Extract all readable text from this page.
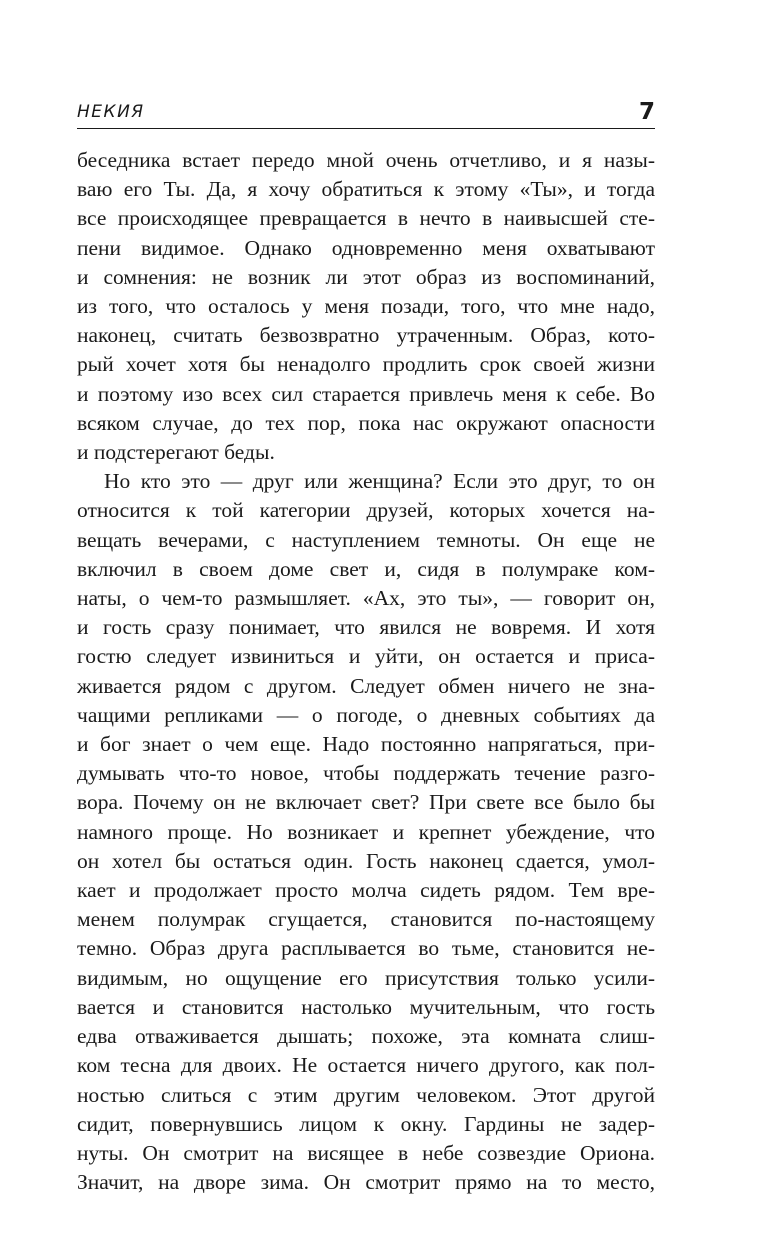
НЕКИЯ	7
беседника встает передо мной очень отчетливо, и я назы-
ваю его Ты. Да, я хочу обратиться к этому «Ты», и тогда
все происходящее превращается в нечто в наивысшей сте-
пени видимое. Однако одновременно меня охватывают
и сомнения: не возник ли этот образ из воспоминаний,
из того, что осталось у меня позади, того, что мне надо,
наконец, считать безвозвратно утраченным. Образ, кото-
рый хочет хотя бы ненадолго продлить срок своей жизни
и поэтому изо всех сил старается привлечь меня к себе. Во
всяком случае, до тех пор, пока нас окружают опасности
и подстерегают беды.
Но кто это — друг или женщина? Если это друг, то он
относится к той категории друзей, которых хочется на-
вещать вечерами, с наступлением темноты. Он еще не
включил в своем доме свет и, сидя в полумраке ком-
наты, о чем-то размышляет. «Ах, это ты», — говорит он,
и гость сразу понимает, что явился не вовремя. И хотя
гостю следует извиниться и уйти, он остается и приса-
живается рядом с другом. Следует обмен ничего не зна-
чащими репликами — о погоде, о дневных событиях да
и бог знает о чем еще. Надо постоянно напрягаться, при-
думывать что-то новое, чтобы поддержать течение разго-
вора. Почему он не включает свет? При свете все было бы
намного проще. Но возникает и крепнет убеждение, что
он хотел бы остаться один. Гость наконец сдается, умол-
кает и продолжает просто молча сидеть рядом. Тем вре-
менем полумрак сгущается, становится по-настоящему
темно. Образ друга расплывается во тьме, становится не-
видимым, но ощущение его присутствия только усили-
вается и становится настолько мучительным, что гость
едва отваживается дышать; похоже, эта комната слиш-
ком тесна для двоих. Не остается ничего другого, как пол-
ностью слиться с этим другим человеком. Этот другой
сидит, повернувшись лицом к окну. Гардины не задер-
нуты. Он смотрит на висящее в небе созвездие Ориона.
Значит, на дворе зима. Он смотрит прямо на то место,
